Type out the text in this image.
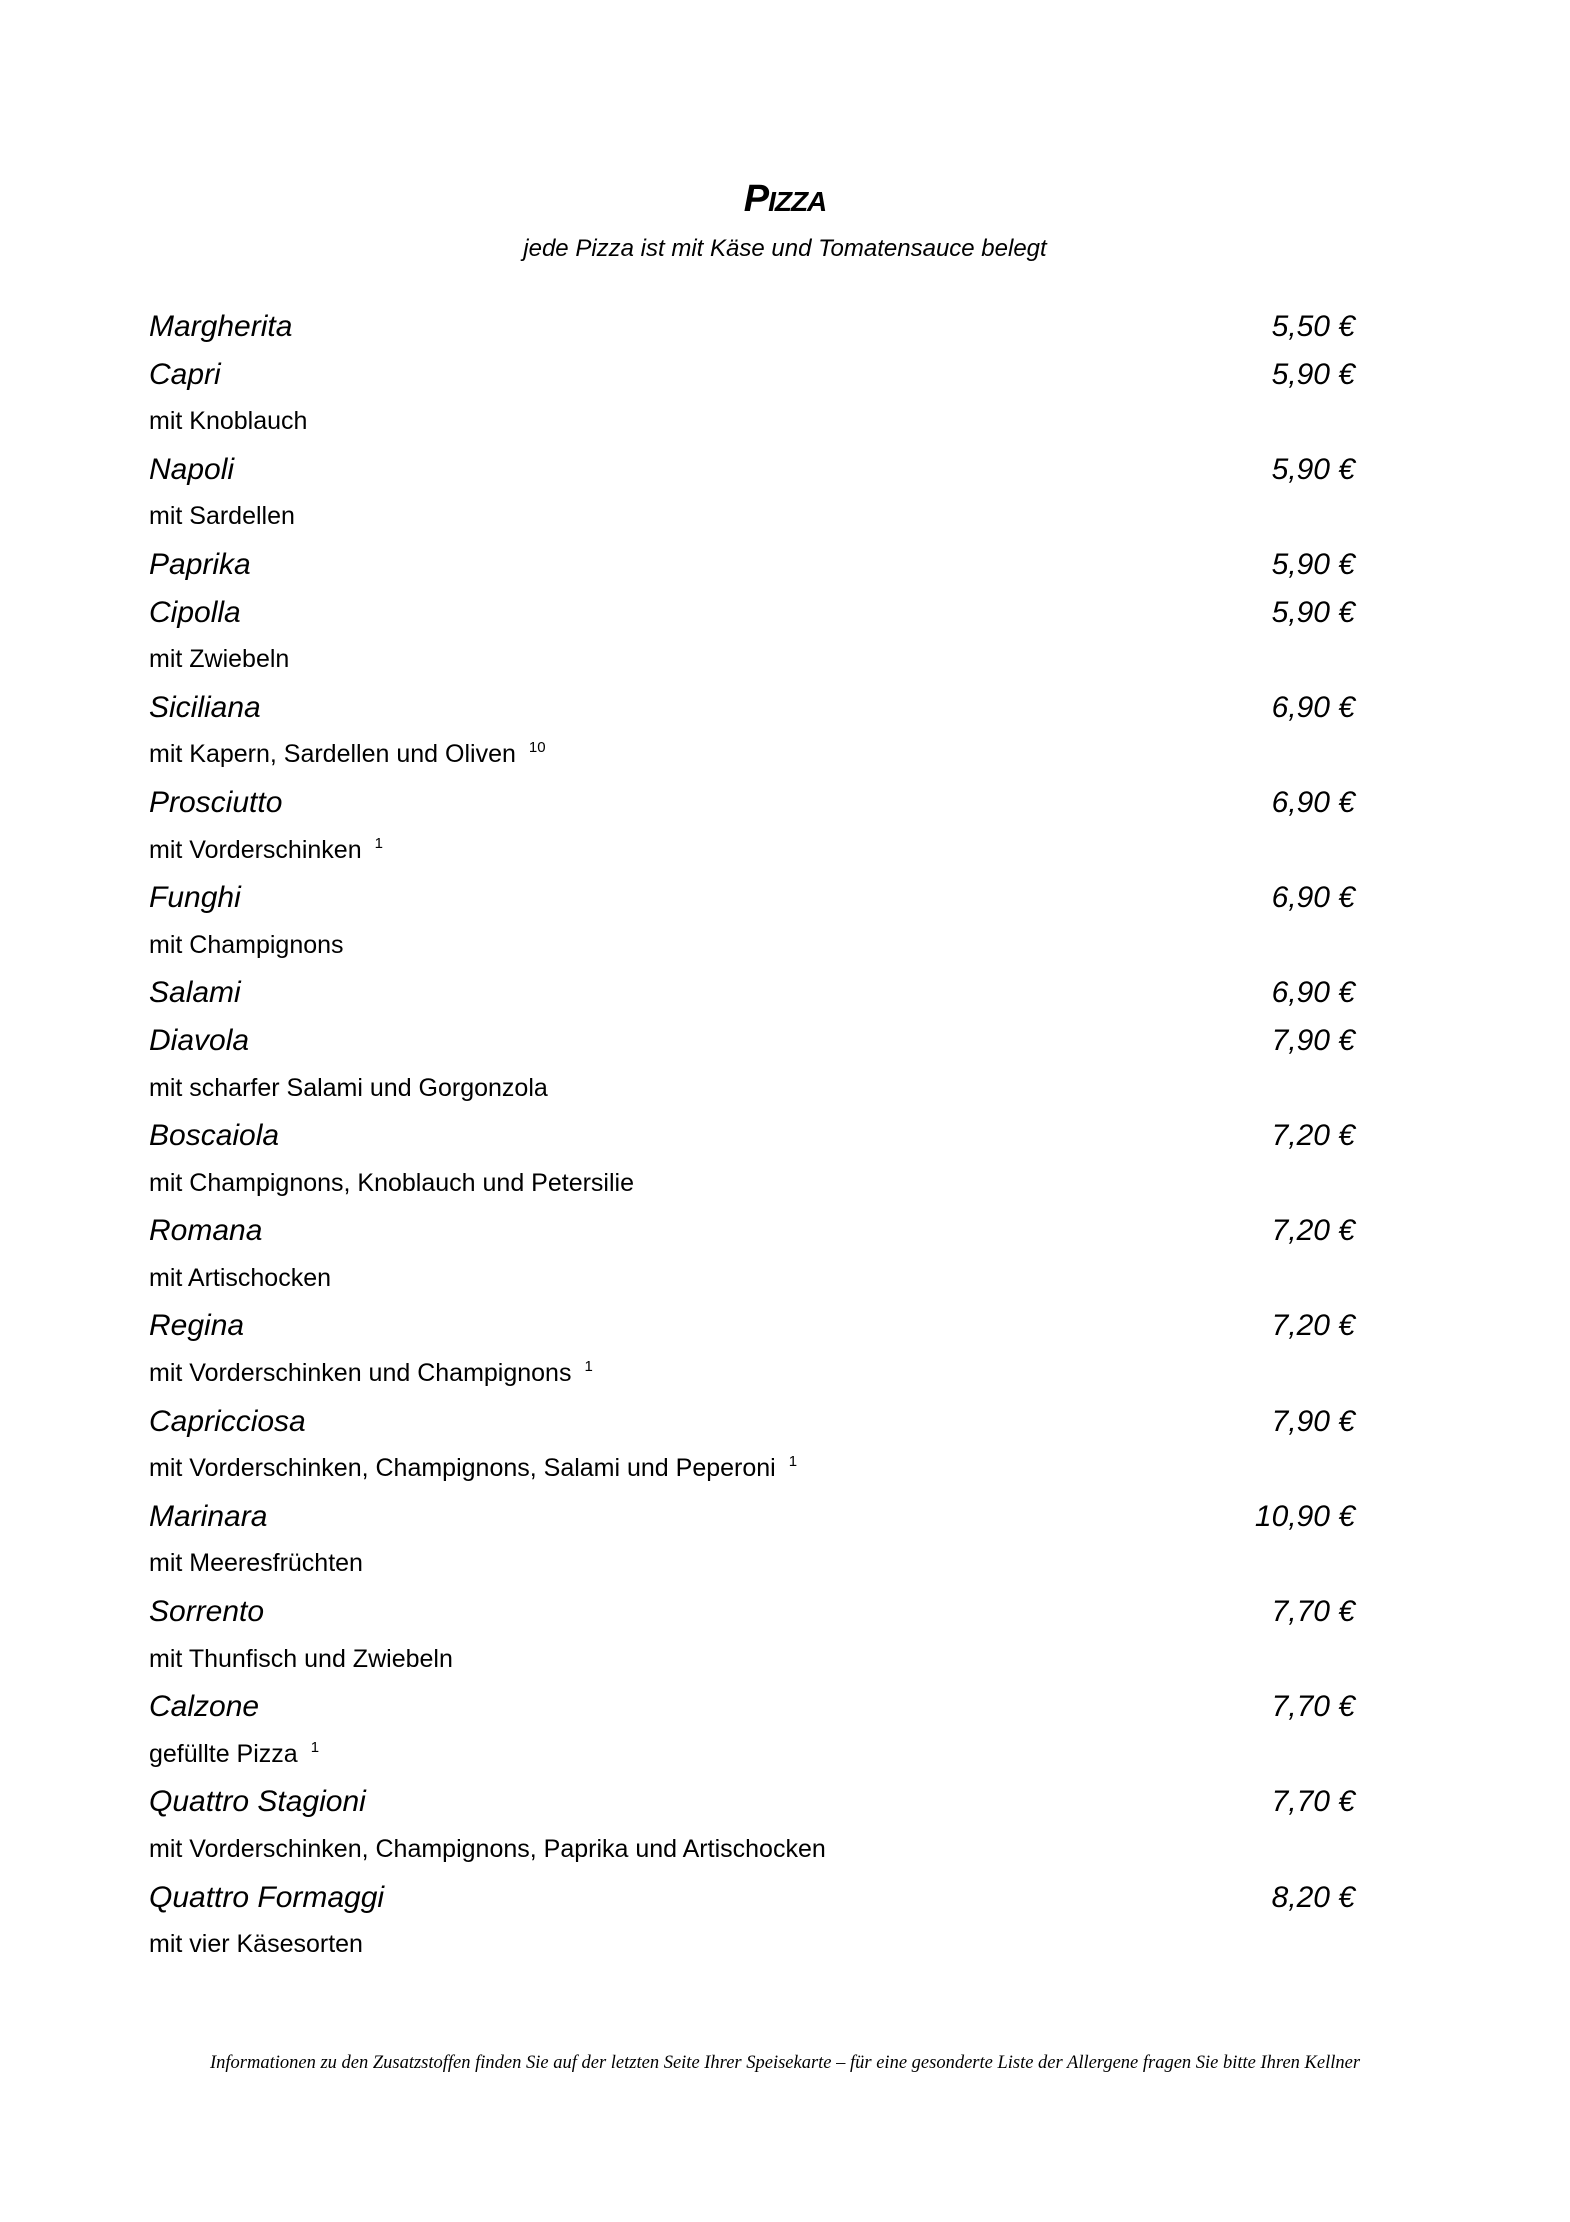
PIZZA

jede Pizza ist mit Käse und Tomatensauce belegt

Margherita	5,50 €
Capri	5,90 €
mit Knoblauch
Napoli	5,90 €
mit Sardellen
Paprika	5,90 €
Cipolla	5,90 €
mit Zwiebeln
Siciliana	6,90 €
mit Kapern, Sardellen und Oliven 10
Prosciutto	6,90 €
mit Vorderschinken 1
Funghi	6,90 €
mit Champignons
Salami	6,90 €
Diavola	7,90 €
mit scharfer Salami und Gorgonzola
Boscaiola	7,20 €
mit Champignons, Knoblauch und Petersilie
Romana	7,20 €
mit Artischocken
Regina	7,20 €
mit Vorderschinken und Champignons 1
Capricciosa	7,90 €
mit Vorderschinken, Champignons, Salami und Peperoni 1
Marinara	10,90 €
mit Meeresfrüchten
Sorrento	7,70 €
mit Thunfisch und Zwiebeln
Calzone	7,70 €
gefüllte Pizza 1
Quattro Stagioni	7,70 €
mit Vorderschinken, Champignons, Paprika und Artischocken
Quattro Formaggi	8,20 €
mit vier Käsesorten

Informationen zu den Zusatzstoffen finden Sie auf der letzten Seite Ihrer Speisekarte – für eine gesonderte Liste der Allergene fragen Sie bitte Ihren Kellner
